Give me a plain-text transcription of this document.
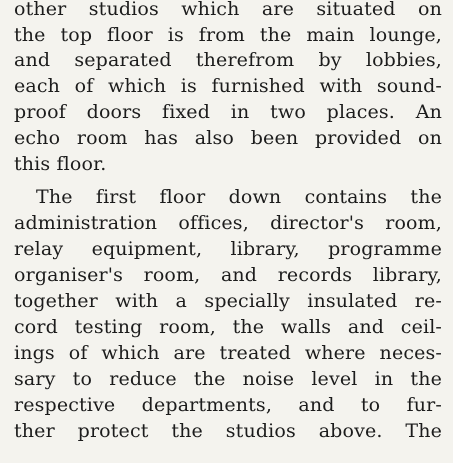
other studios which are situated on
the top floor is from the main lounge,
and separated therefrom by lobbies,
each of which is furnished with sound-
proof doors fixed in two places. An
echo room has also been provided on
this floor.
The first floor down contains the
administration offices, director's room,
relay equipment, library, programme
organiser's room, and records library,
together with a specially insulated re-
cord testing room, the walls and ceil-
ings of which are treated where neces-
sary to reduce the noise level in the
respective departments, and to fur-
ther protect the studios above. The
